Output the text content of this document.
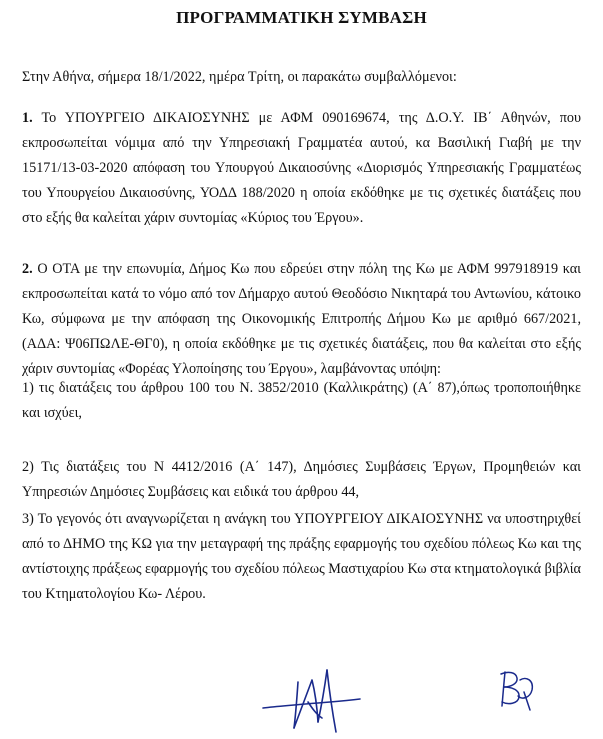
ΠΡΟΓΡΑΜΜΑΤΙΚΗ ΣΥΜΒΑΣΗ
Στην Αθήνα, σήμερα 18/1/2022, ημέρα Τρίτη, οι παρακάτω συμβαλλόμενοι:
1. Το ΥΠΟΥΡΓΕΙΟ ΔΙΚΑΙΟΣΥΝΗΣ με ΑΦΜ 090169674, της Δ.Ο.Υ. ΙΒ΄ Αθηνών, που εκπροσωπείται νόμιμα από την Υπηρεσιακή Γραμματέα αυτού, κα Βασιλική Γιαβή με την 15171/13-03-2020 απόφαση του Υπουργού Δικαιοσύνης «Διορισμός Υπηρεσιακής Γραμματέως του Υπουργείου Δικαιοσύνης, ΥΟΔΔ 188/2020 η οποία εκδόθηκε με τις σχετικές διατάξεις που στο εξής θα καλείται χάριν συντομίας «Κύριος του Έργου».
2. Ο ΟΤΑ με την επωνυμία, Δήμος Κω που εδρεύει στην πόλη της Κω με ΑΦΜ 997918919 και εκπροσωπείται κατά το νόμο από τον Δήμαρχο αυτού Θεοδόσιο Νικηταρά του Αντωνίου, κάτοικο Κω, σύμφωνα με την απόφαση της Οικονομικής Επιτροπής Δήμου Κω με αριθμό 667/2021, (ΑΔΑ: Ψ06ΠΩΛΕ-ΘΓ0), η οποία εκδόθηκε με τις σχετικές διατάξεις, που θα καλείται στο εξής χάριν συντομίας «Φορέας Υλοποίησης του Έργου», λαμβάνοντας υπόψη:
1) τις διατάξεις του άρθρου 100 του Ν. 3852/2010 (Καλλικράτης) (Α΄ 87),όπως τροποποιήθηκε και ισχύει,
2) Τις διατάξεις του Ν 4412/2016 (Α΄ 147), Δημόσιες Συμβάσεις Έργων, Προμηθειών και Υπηρεσιών Δημόσιες Συμβάσεις και ειδικά του άρθρου 44,
3) Το γεγονός ότι αναγνωρίζεται η ανάγκη του ΥΠΟΥΡΓΕΙΟΥ ΔΙΚΑΙΟΣΥΝΗΣ να υποστηριχθεί από το ΔΗΜΟ της ΚΩ για την μεταγραφή της πράξης εφαρμογής του σχεδίου πόλεως Κω και της αντίστοιχης πράξεως εφαρμογής του σχεδίου πόλεως Μαστιχαρίου Κω στα κτηματολογικά βιβλία του Κτηματολογίου Κω- Λέρου.
